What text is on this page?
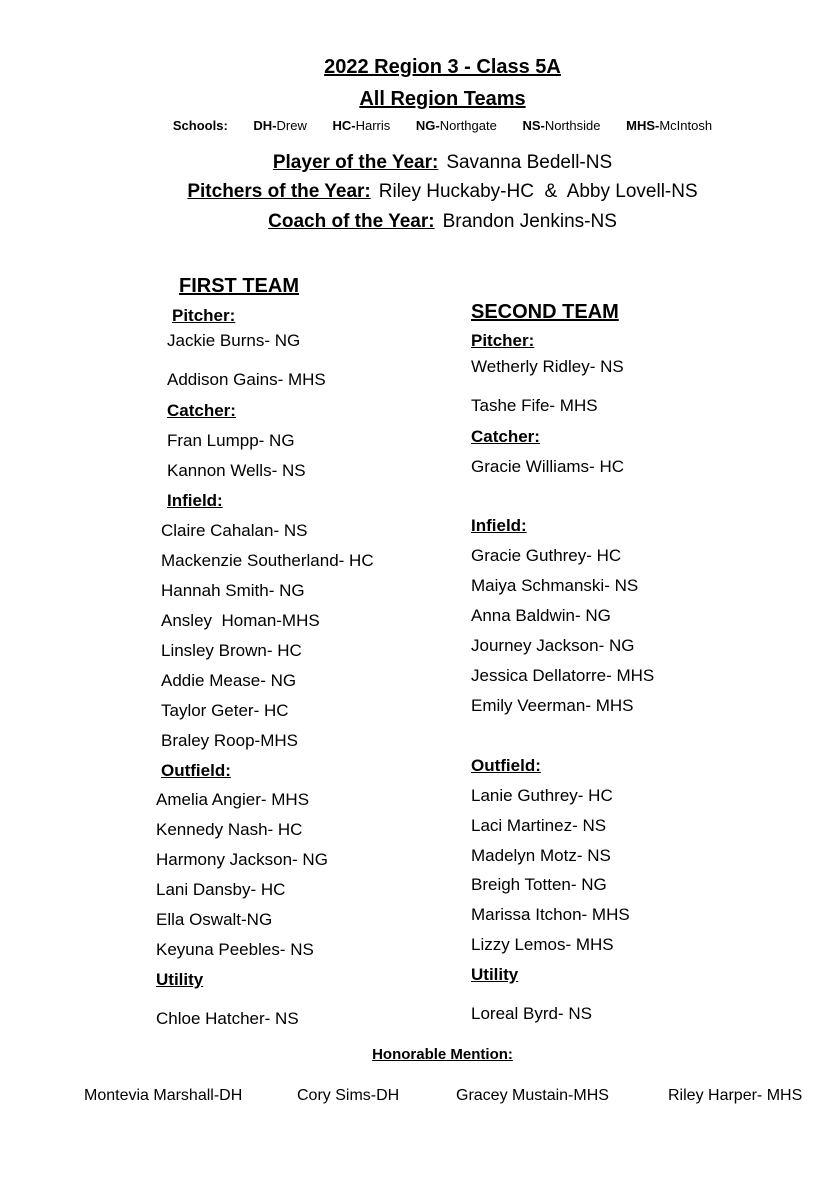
2022 Region 3 - Class 5A
All Region Teams
Schools: DH-Drew HC-Harris NG-Northgate NS-Northside MHS-McIntosh
Player of the Year: Savanna Bedell-NS
Pitchers of the Year: Riley Huckaby-HC  &  Abby Lovell-NS
Coach of the Year: Brandon Jenkins-NS
FIRST TEAM
Pitcher:
Jackie Burns- NG
Addison Gains- MHS
Catcher:
Fran Lumpp- NG
Kannon Wells- NS
Infield:
Claire Cahalan- NS
Mackenzie Southerland- HC
Hannah Smith- NG
Ansley  Homan-MHS
Linsley Brown- HC
Addie Mease- NG
Taylor Geter- HC
Braley Roop-MHS
Outfield:
Amelia Angier- MHS
Kennedy Nash- HC
Harmony Jackson- NG
Lani Dansby- HC
Ella Oswalt-NG
Keyuna Peebles- NS
Utility
Chloe Hatcher- NS
SECOND TEAM
Pitcher:
Wetherly Ridley- NS
Tashe Fife- MHS
Catcher:
Gracie Williams- HC
Infield:
Gracie Guthrey- HC
Maiya Schmanski- NS
Anna Baldwin- NG
Journey Jackson- NG
Jessica Dellatorre- MHS
Emily Veerman- MHS
Outfield:
Lanie Guthrey- HC
Laci Martinez- NS
Madelyn Motz- NS
Breigh Totten- NG
Marissa Itchon- MHS
Lizzy Lemos- MHS
Utility
Loreal Byrd- NS
Honorable Mention:
Montevia Marshall-DH	Cory Sims-DH	Gracey Mustain-MHS	Riley Harper- MHS
